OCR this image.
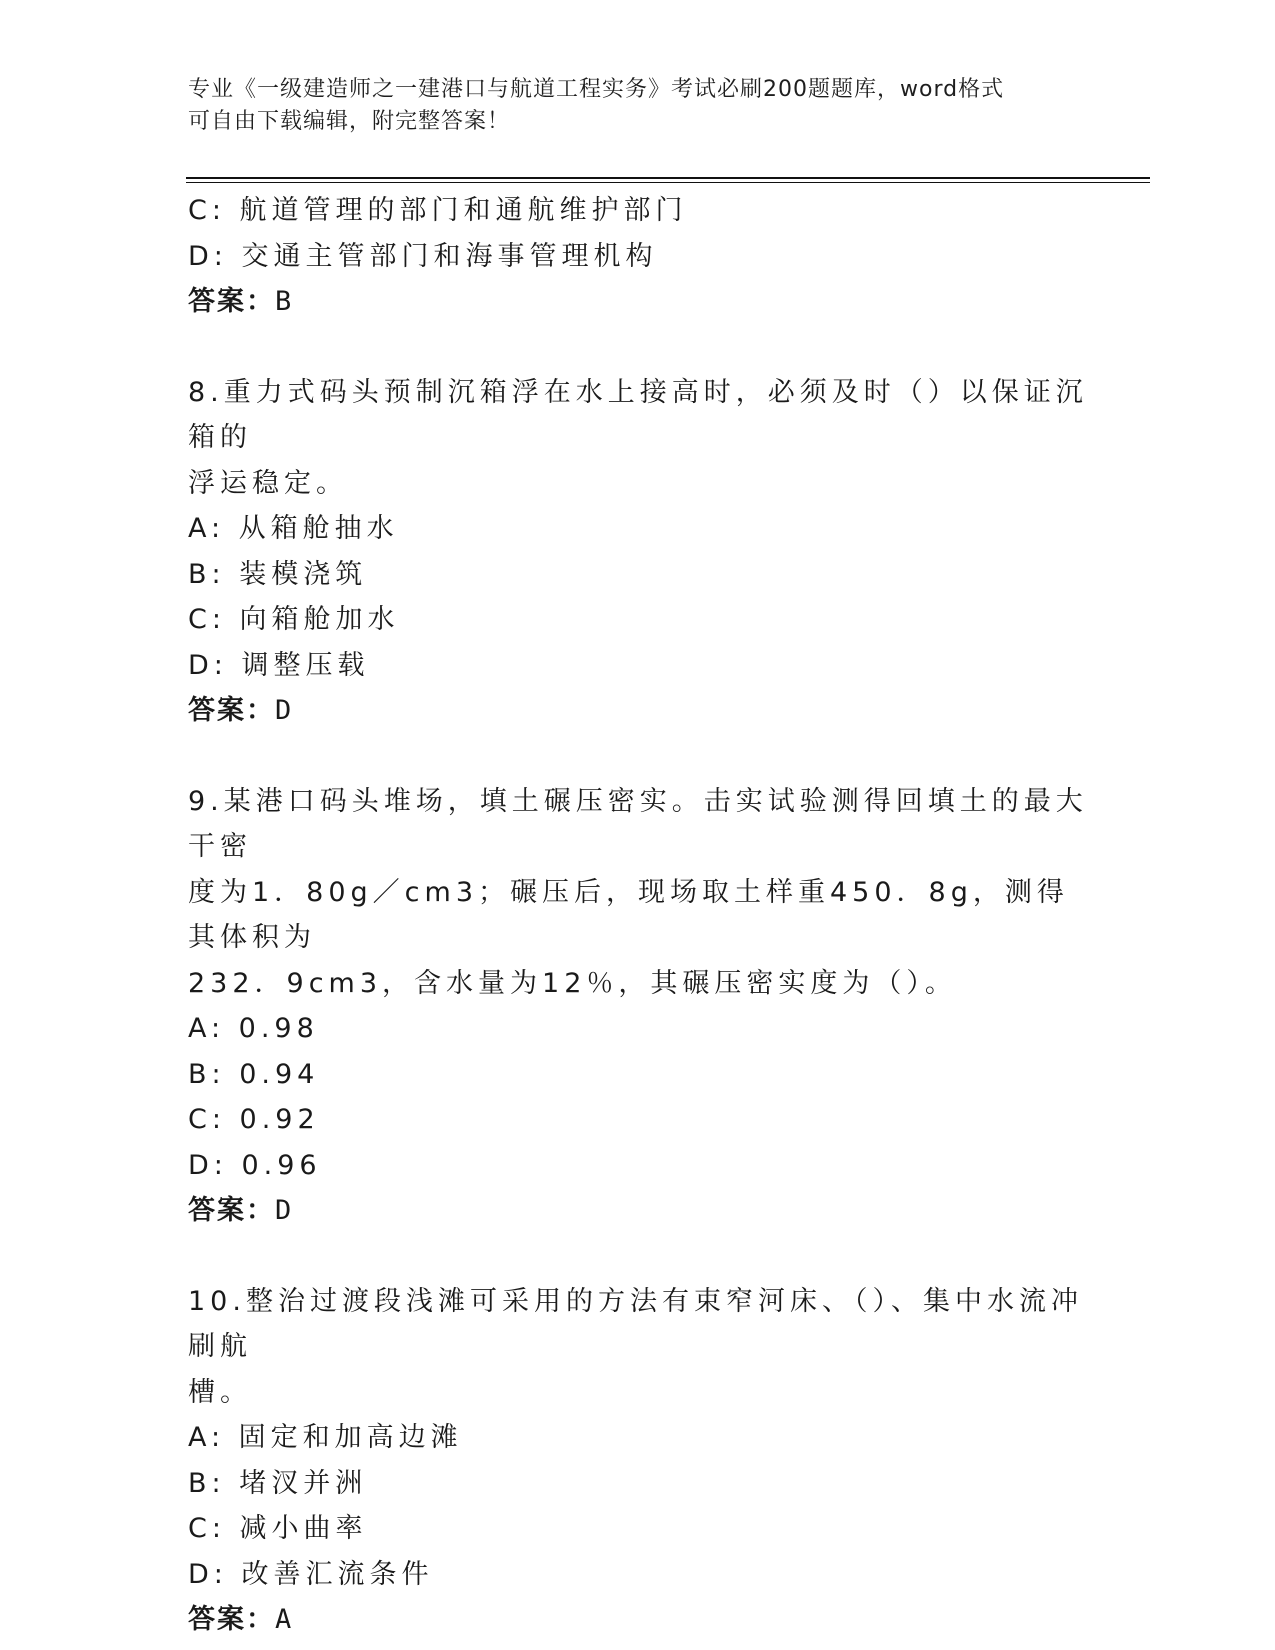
专业《一级建造师之一建港口与航道工程实务》考试必刷200题题库，word格式
可自由下载编辑，附完整答案！
C: 航道管理的部门和通航维护部门
D: 交通主管部门和海事管理机构
答案：B
8.重力式码头预制沉箱浮在水上接高时，必须及时（）以保证沉箱的
浮运稳定。
A: 从箱舱抽水
B: 装模浇筑
C: 向箱舱加水
D: 调整压载
答案：D
9.某港口码头堆场，填土碾压密实。击实试验测得回填土的最大干密
度为1．80g／cm3；碾压后，现场取土样重450．8g，测得其体积为
232．9cm3，含水量为12％，其碾压密实度为（）。
A: 0.98
B: 0.94
C: 0.92
D: 0.96
答案：D
10.整治过渡段浅滩可采用的方法有束窄河床、（）、集中水流冲刷航
槽。
A: 固定和加高边滩
B: 堵汊并洲
C: 减小曲率
D: 改善汇流条件
答案：A
